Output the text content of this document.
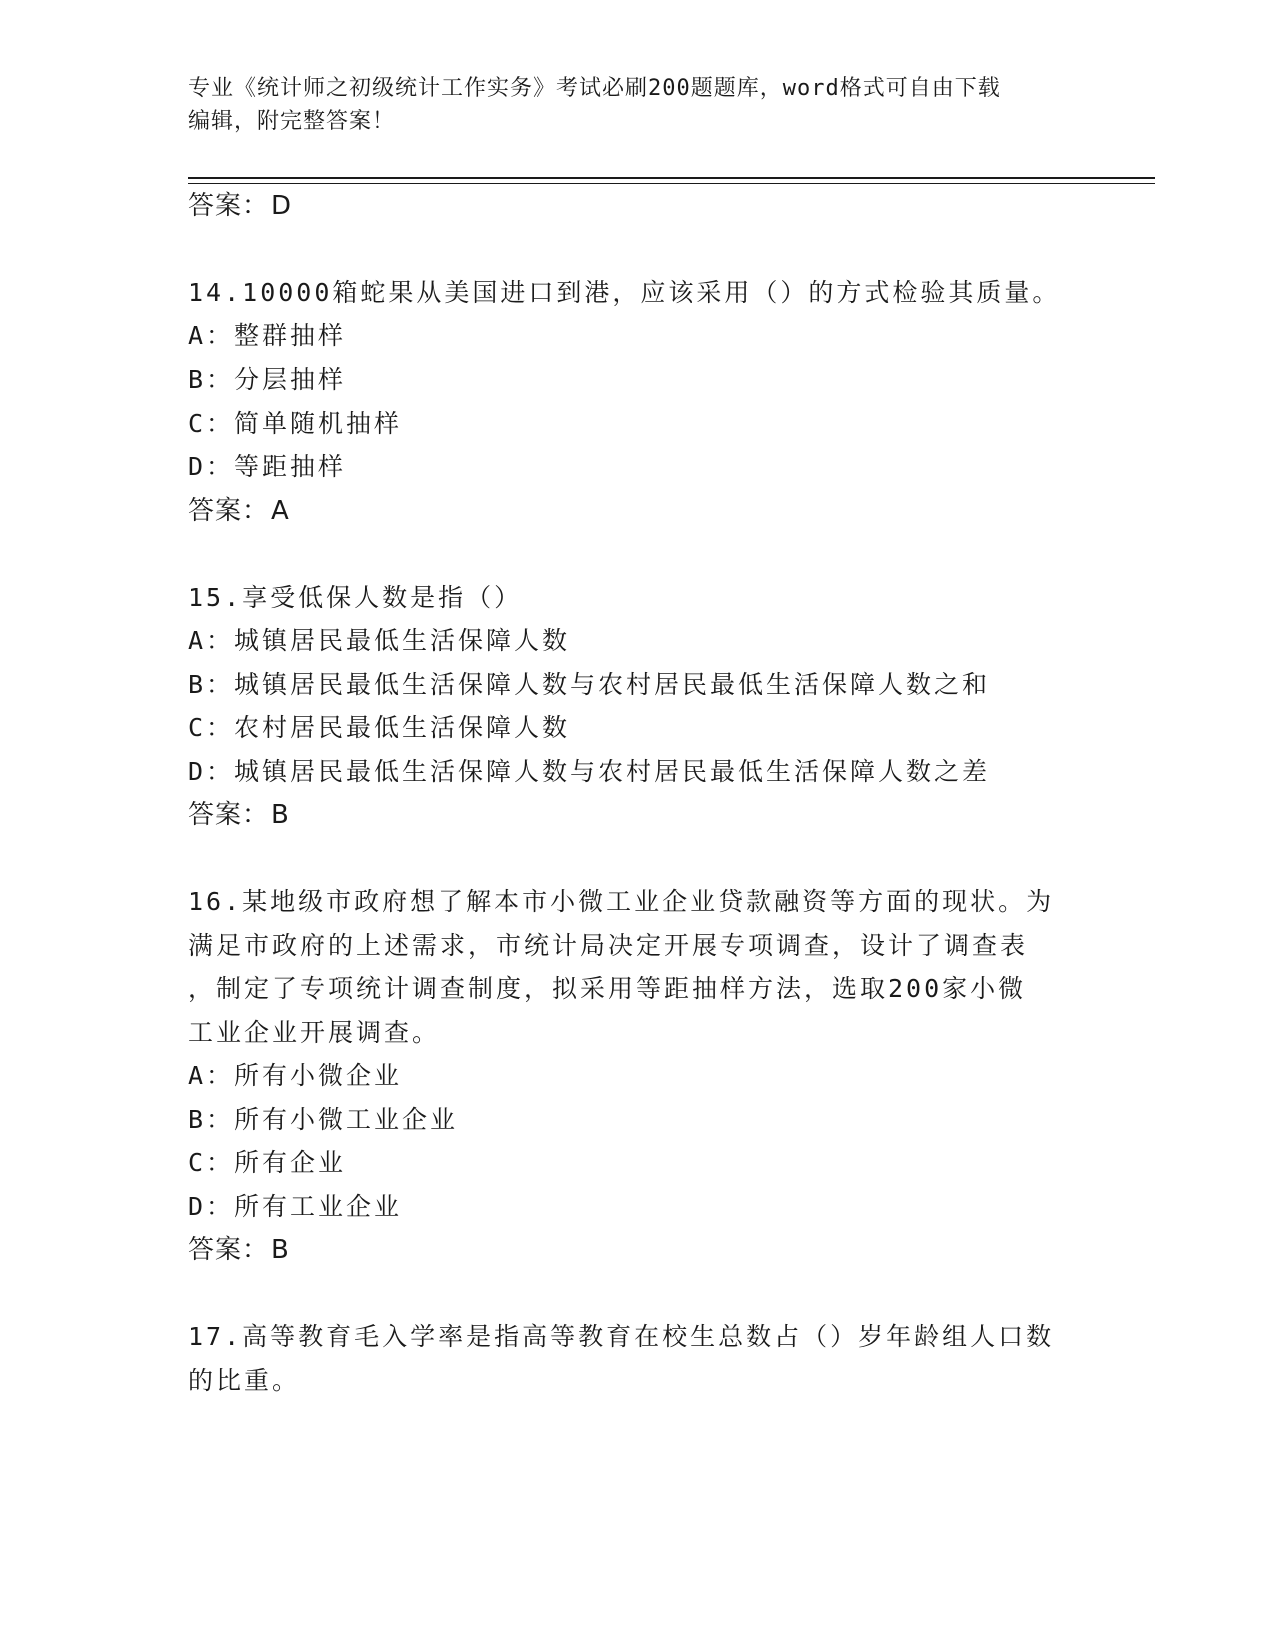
专业《统计师之初级统计工作实务》考试必刷200题题库，word格式可自由下载
编辑，附完整答案！
答案：D
14.10000箱蛇果从美国进口到港，应该采用（）的方式检验其质量。
A：整群抽样
B：分层抽样
C：简单随机抽样
D：等距抽样
答案：A
15.享受低保人数是指（）
A：城镇居民最低生活保障人数
B：城镇居民最低生活保障人数与农村居民最低生活保障人数之和
C：农村居民最低生活保障人数
D：城镇居民最低生活保障人数与农村居民最低生活保障人数之差
答案：B
16.某地级市政府想了解本市小微工业企业贷款融资等方面的现状。为
满足市政府的上述需求，市统计局决定开展专项调查，设计了调查表
，制定了专项统计调查制度，拟采用等距抽样方法，选取200家小微
工业企业开展调查。
A：所有小微企业
B：所有小微工业企业
C：所有企业
D：所有工业企业
答案：B
17.高等教育毛入学率是指高等教育在校生总数占（）岁年龄组人口数
的比重。
